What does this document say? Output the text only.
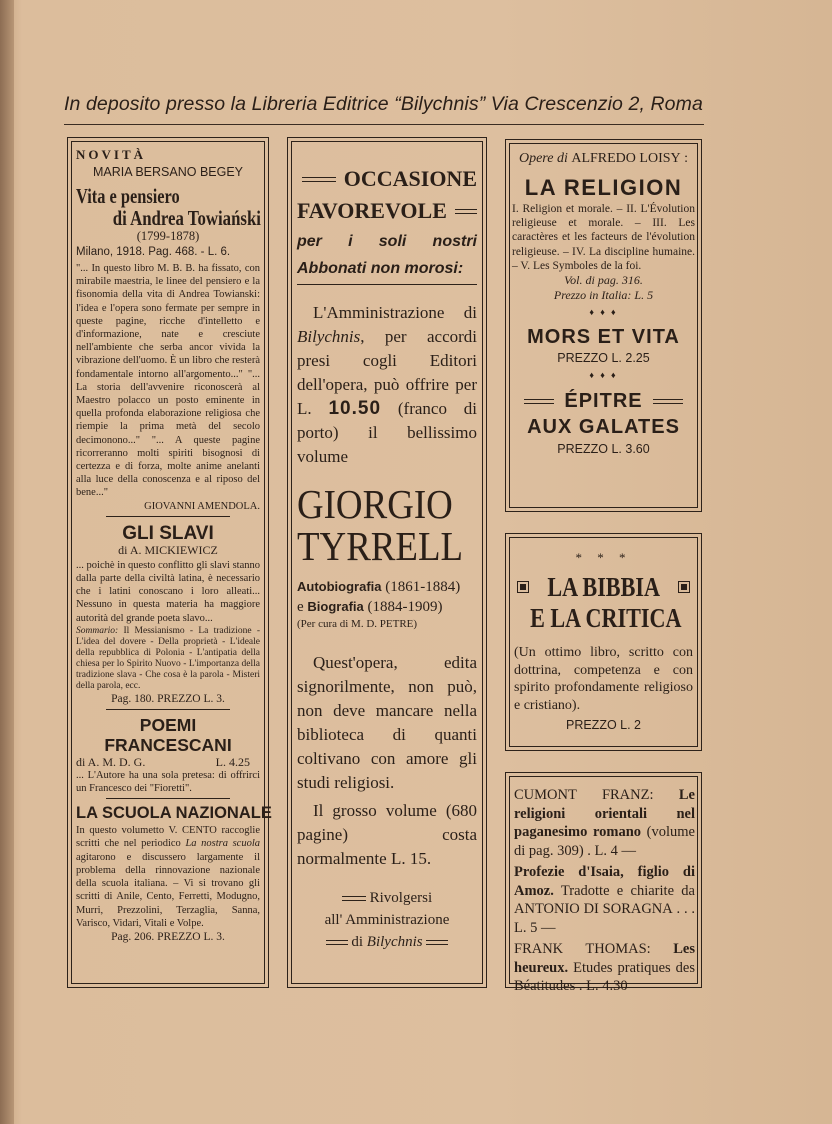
In deposito presso la Libreria Editrice “Bilychnis” Via Crescenzio 2, Roma
NOVITÀ
MARIA BERSANO BEGEY
Vita e pensiero
di Andrea Towiański
(1799-1878)
Milano, 1918. Pag. 468. - L. 6.
"... In questo libro M. B. B. ha fissato, con mirabile maestria, le linee del pensiero e la fisonomia della vita di Andrea Towianski: l'idea e l'opera sono fermate per sempre in queste pagine, ricche d'intelletto e d'informazione, nate e cresciute nell'ambiente che serba ancor vivida la vibrazione dell'uomo. È un libro che resterà fondamentale intorno all'argomento..." "... La storia dell'avvenire riconoscerà al Maestro polacco un posto eminente in quella profonda elaborazione religiosa che riempie la prima metà del secolo decimonono..." "... A queste pagine ricorreranno molti spiriti bisognosi di certezza e di forza, molte anime anelanti alla luce della conoscenza e al riposo del bene..."
GIOVANNI AMENDOLA.
GLI SLAVI
di A. MICKIEWICZ
... poichè in questo conflitto gli slavi stanno dalla parte della civiltà latina, è necessario che i latini conoscano i loro alleati... Nessuno in questa materia ha maggiore autorità del grande poeta slavo...
Sommario: Il Messianismo - La tradizione - L'idea del dovere - Della proprietà - L'ideale della repubblica di Polonia - L'antipatia della chiesa per lo Spirito Nuovo - L'importanza della tradizione slava - Che cosa è la parola - Misteri della parola, ecc.
Pag. 180. PREZZO L. 3.
POEMI FRANCESCANI
di A. M. D. G.	L. 4.25
... L'Autore ha una sola pretesa: di offrirci un Francesco dei "Fioretti".
LA SCUOLA NAZIONALE
In questo volumetto V. CENTO raccoglie scritti che nel periodico La nostra scuola agitarono e discussero largamente il problema della rinnovazione nazionale della scuola italiana. – Vi si trovano gli scritti di Anile, Cento, Ferretti, Modugno, Murri, Prezzolini, Terzaglia, Sanna, Varisco, Vidari, Vitali e Volpe.
Pag. 206. PREZZO L. 3.
OCCASIONE
FAVOREVOLE
per i soli nostri Abbonati non morosi:
L'Amministrazione di Bilychnis, per accordi presi cogli Editori dell'opera, può offrire per L. 10.50 (franco di porto) il bellissimo volume
GIORGIO
TYRRELL
Autobiografia (1861-1884)
e Biografia (1884-1909)
(Per cura di M. D. PETRE)
Quest'opera, edita signorilmente, non può, non deve mancare nella biblioteca di quanti coltivano con amore gli studi religiosi.
Il grosso volume (680 pagine) costa normalmente L. 15.
Rivolgersi
all' Amministrazione
di Bilychnis
Opere di ALFREDO LOISY :
LA RELIGION
I. Religion et morale. – II. L'Évolution religieuse et morale. – III. Les caractères et les facteurs de l'évolution religieuse. – IV. La discipline humaine. – V. Les Symboles de la foi.
Vol. di pag. 316.
Prezzo in Italia: L. 5
♦ ♦ ♦
MORS ET VITA
PREZZO L. 2.25
♦ ♦ ♦
ÉPITRE
AUX GALATES
PREZZO L. 3.60
* * *
LA BIBBIA
E LA CRITICA
(Un ottimo libro, scritto con dottrina, competenza e con spirito profondamente religioso e cristiano).
PREZZO L. 2
CUMONT FRANZ: Le religioni orientali nel paganesimo romano (volume di pag. 309) . L. 4 —
Profezie d'Isaia, figlio di Amoz. Tradotte e chiarite da ANTONIO DI SORAGNA . . . L. 5 —
FRANK THOMAS: Les heureux. Etudes pratiques des Béatitudes . L. 4.30
